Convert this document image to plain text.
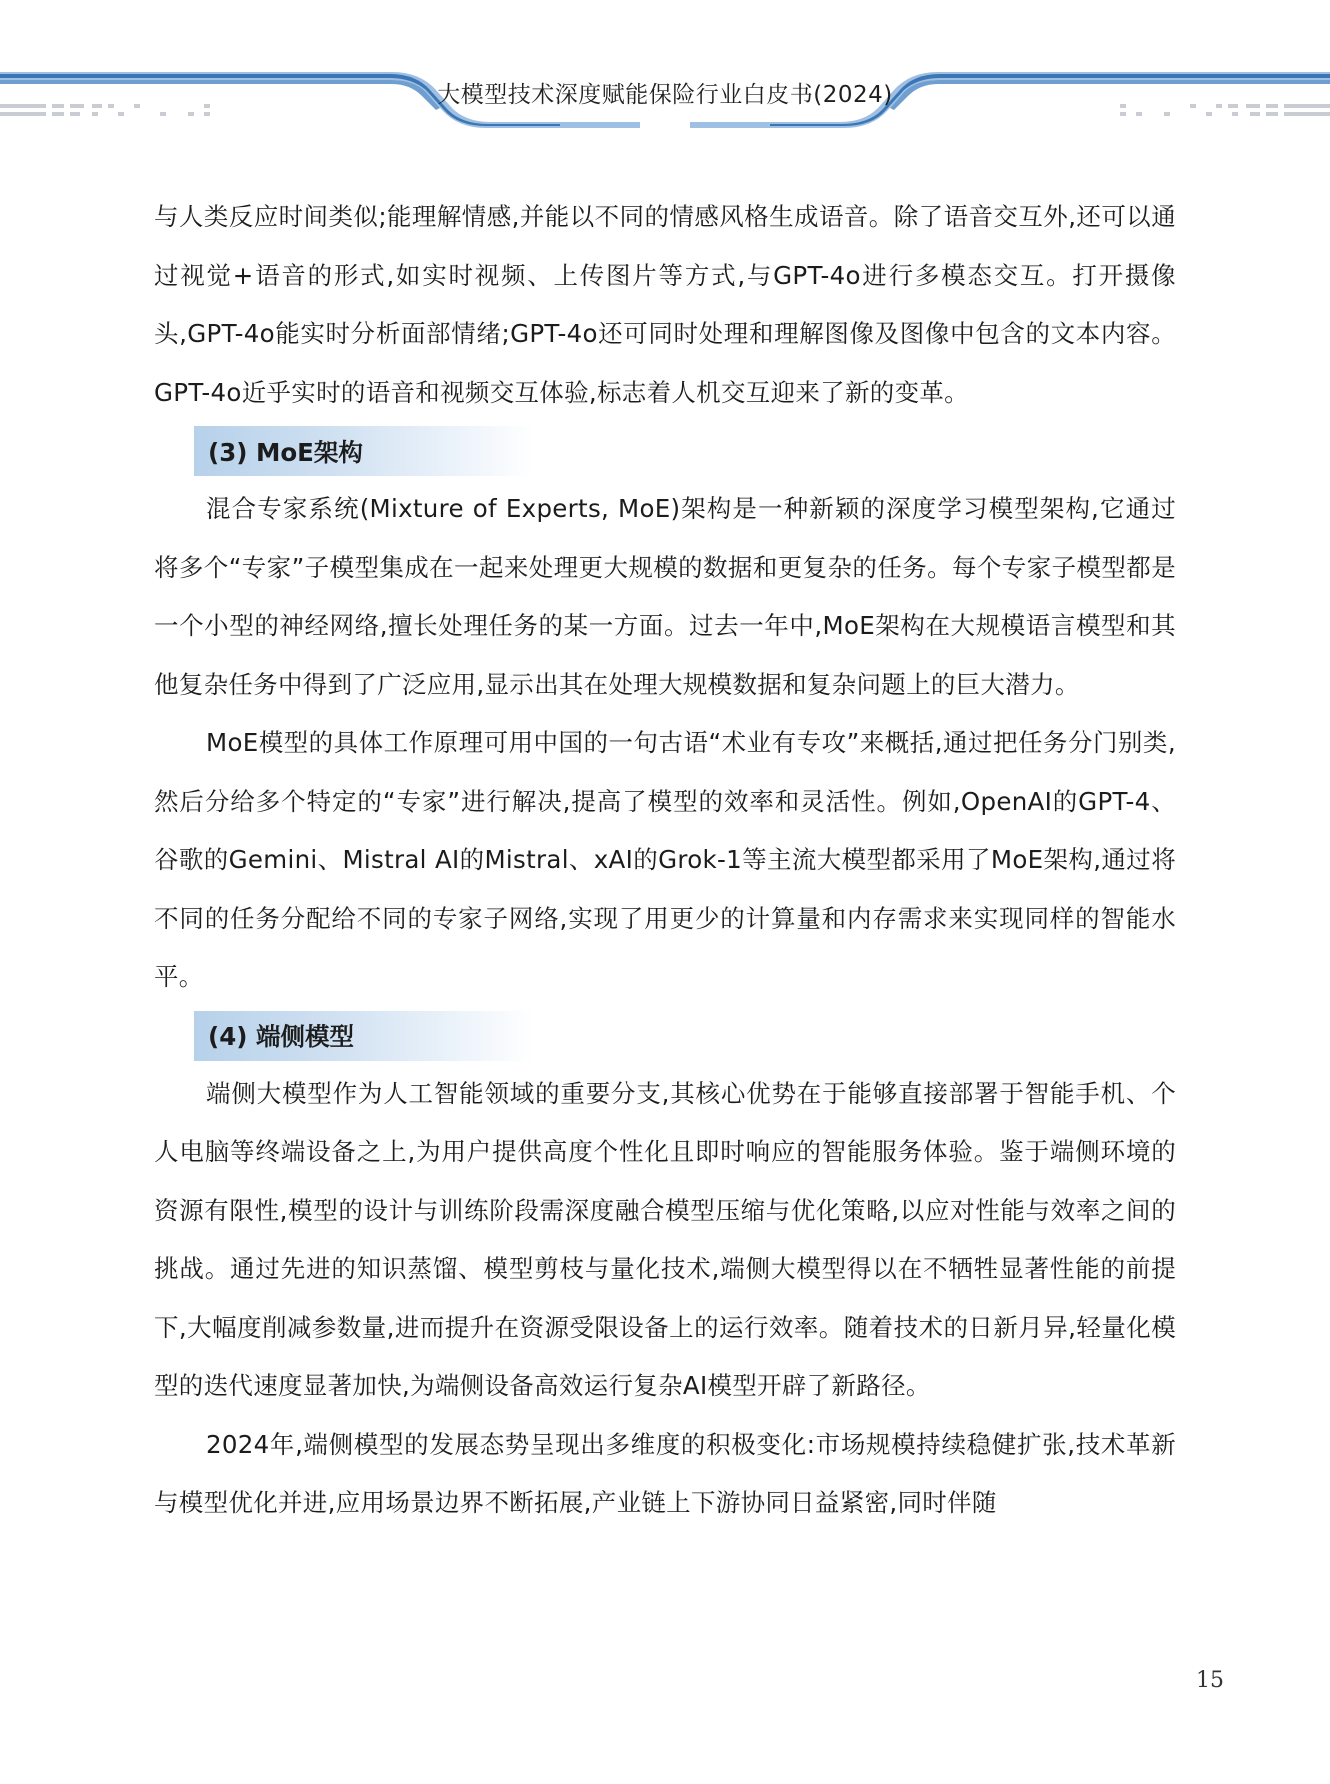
大模型技术深度赋能保险行业白皮书(2024)

与人类反应时间类似;能理解情感,并能以不同的情感风格生成语音。除了语音交互外,还可以通过视觉+语音的形式,如实时视频、上传图片等方式,与GPT-4o进行多模态交互。打开摄像头,GPT-4o能实时分析面部情绪;GPT-4o还可同时处理和理解图像及图像中包含的文本内容。GPT-4o近乎实时的语音和视频交互体验,标志着人机交互迎来了新的变革。

(3) MoE架构

混合专家系统(Mixture of Experts, MoE)架构是一种新颖的深度学习模型架构,它通过将多个“专家”子模型集成在一起来处理更大规模的数据和更复杂的任务。每个专家子模型都是一个小型的神经网络,擅长处理任务的某一方面。过去一年中,MoE架构在大规模语言模型和其他复杂任务中得到了广泛应用,显示出其在处理大规模数据和复杂问题上的巨大潜力。

MoE模型的具体工作原理可用中国的一句古语“术业有专攻”来概括,通过把任务分门别类,然后分给多个特定的“专家”进行解决,提高了模型的效率和灵活性。例如,OpenAI的GPT-4、谷歌的Gemini、Mistral AI的Mistral、xAI的Grok-1等主流大模型都采用了MoE架构,通过将不同的任务分配给不同的专家子网络,实现了用更少的计算量和内存需求来实现同样的智能水平。

(4) 端侧模型

端侧大模型作为人工智能领域的重要分支,其核心优势在于能够直接部署于智能手机、个人电脑等终端设备之上,为用户提供高度个性化且即时响应的智能服务体验。鉴于端侧环境的资源有限性,模型的设计与训练阶段需深度融合模型压缩与优化策略,以应对性能与效率之间的挑战。通过先进的知识蒸馏、模型剪枝与量化技术,端侧大模型得以在不牺牲显著性能的前提下,大幅度削减参数量,进而提升在资源受限设备上的运行效率。随着技术的日新月异,轻量化模型的迭代速度显著加快,为端侧设备高效运行复杂AI模型开辟了新路径。

2024年,端侧模型的发展态势呈现出多维度的积极变化:市场规模持续稳健扩张,技术革新与模型优化并进,应用场景边界不断拓展,产业链上下游协同日益紧密,同时伴随

15
